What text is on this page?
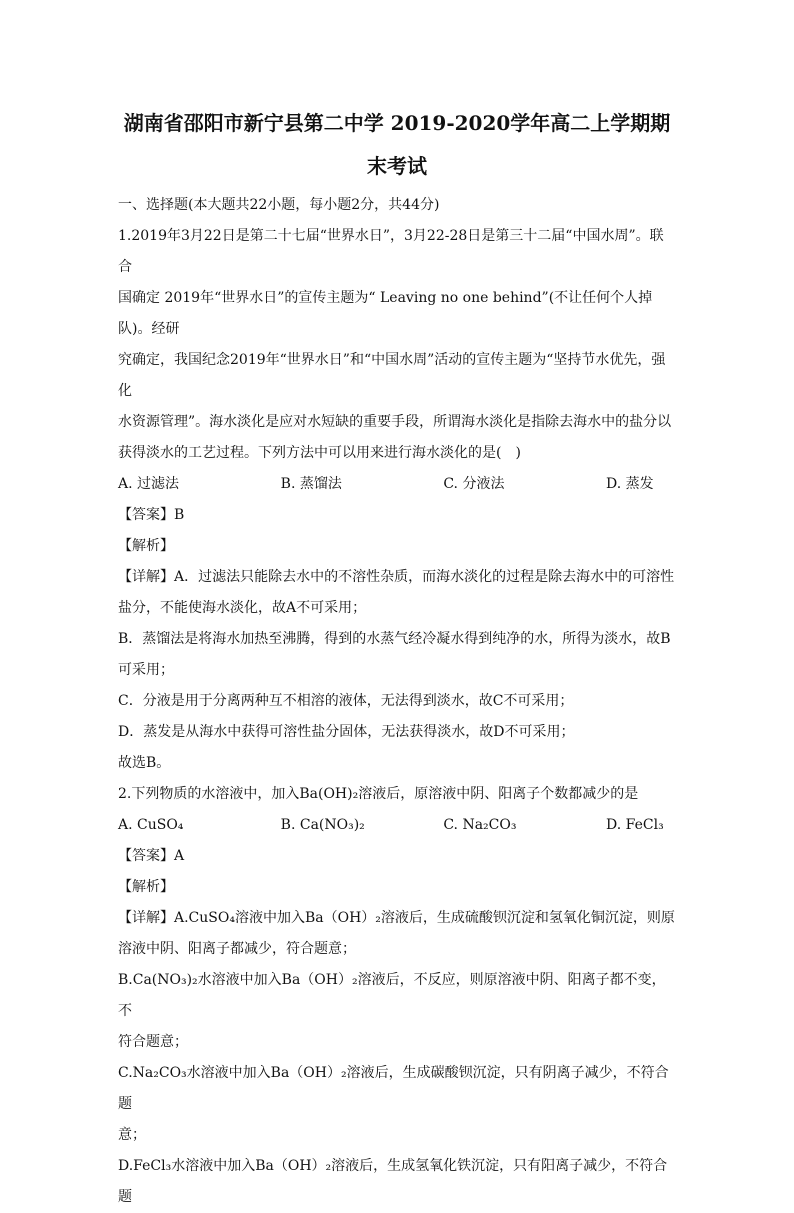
湖南省邵阳市新宁县第二中学 2019-2020学年高二上学期期
末考试

一、选择题(本大题共22小题，每小题2分，共44分)

1.2019年3月22日是第二十七届“世界水日”，3月22-28日是第三十二届“中国水周”。联合

国确定 2019年“世界水日”的宣传主题为“ Leaving no one behind”(不让任何个人掉队)。经研

究确定，我国纪念2019年“世界水日”和“中国水周”活动的宣传主题为“坚持节水优先，强化

水资源管理”。海水淡化是应对水短缺的重要手段，所谓海水淡化是指除去海水中的盐分以

获得淡水的工艺过程。下列方法中可以用来进行海水淡化的是(　)

A. 过滤法	B. 蒸馏法	C. 分液法	D. 蒸发

【答案】B

【解析】

【详解】A．过滤法只能除去水中的不溶性杂质，而海水淡化的过程是除去海水中的可溶性

盐分，不能使海水淡化，故A不可采用；

B．蒸馏法是将海水加热至沸腾，得到的水蒸气经冷凝水得到纯净的水，所得为淡水，故B

可采用；

C．分液是用于分离两种互不相溶的液体，无法得到淡水，故C不可采用；

D．蒸发是从海水中获得可溶性盐分固体，无法获得淡水，故D不可采用；

故选B。

2.下列物质的水溶液中，加入Ba(OH)₂溶液后，原溶液中阴、阳离子个数都减少的是

A. CuSO₄	B. Ca(NO₃)₂	C. Na₂CO₃	D. FeCl₃

【答案】A

【解析】

【详解】A.CuSO₄溶液中加入Ba（OH）₂溶液后，生成硫酸钡沉淀和氢氧化铜沉淀，则原

溶液中阴、阳离子都减少，符合题意；

B.Ca(NO₃)₂水溶液中加入Ba（OH）₂溶液后，不反应，则原溶液中阴、阳离子都不变，不

符合题意；

C.Na₂CO₃水溶液中加入Ba（OH）₂溶液后，生成碳酸钡沉淀，只有阴离子减少，不符合题

意；

D.FeCl₃水溶液中加入Ba（OH）₂溶液后，生成氢氧化铁沉淀，只有阳离子减少，不符合题
